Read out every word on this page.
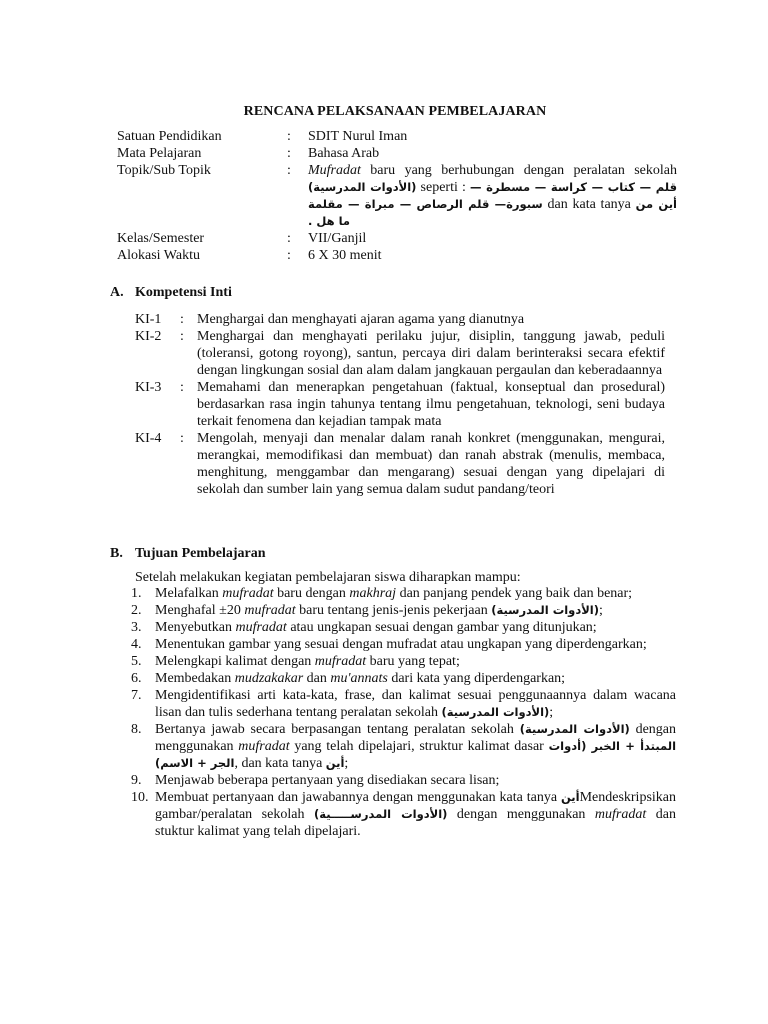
RENCANA PELAKSANAAN PEMBELAJARAN
Satuan Pendidikan	:	SDIT Nurul Iman
Mata Pelajaran	:	Bahasa Arab
Topik/Sub Topik	:	Mufradat baru yang berhubungan dengan peralatan sekolah (الأدوات المدرسية) seperti : قلم — كتاب — كراسة — مسطرة — سبورة— قلم الرصاص — مبراة — مقلمة dan kata tanya أين من ما هل .
Kelas/Semester	:	VII/Ganjil
Alokasi Waktu	:	6 X 30 menit
A. Kompetensi Inti
KI-1	: Menghargai dan menghayati ajaran agama yang dianutnya
KI-2	: Menghargai dan menghayati perilaku jujur, disiplin, tanggung jawab, peduli (toleransi, gotong royong), santun, percaya diri dalam berinteraksi secara efektif dengan lingkungan sosial dan alam dalam jangkauan pergaulan dan keberadaannya
KI-3	: Memahami dan menerapkan pengetahuan (faktual, konseptual dan prosedural) berdasarkan rasa ingin tahunya tentang ilmu pengetahuan, teknologi, seni budaya terkait fenomena dan kejadian tampak mata
KI-4	: Mengolah, menyaji dan menalar dalam ranah konkret (menggunakan, mengurai, merangkai, memodifikasi dan membuat) dan ranah abstrak (menulis, membaca, menghitung, menggambar dan mengarang) sesuai dengan yang dipelajari di sekolah dan sumber lain yang semua dalam sudut pandang/teori
B. Tujuan Pembelajaran
Setelah melakukan kegiatan pembelajaran siswa diharapkan mampu:
1. Melafalkan mufradat baru dengan makhraj dan panjang pendek yang baik dan benar;
2. Menghafal ±20 mufradat baru tentang jenis-jenis pekerjaan (الأدوات المدرسية);
3. Menyebutkan mufradat atau ungkapan sesuai dengan gambar yang ditunjukan;
4. Menentukan gambar yang sesuai dengan mufradat atau ungkapan yang diperdengarkan;
5. Melengkapi kalimat dengan mufradat baru yang tepat;
6. Membedakan mudzakakar dan mu'annats dari kata yang diperdengarkan;
7. Mengidentifikasi arti kata-kata, frase, dan kalimat sesuai penggunaannya dalam wacana lisan dan tulis sederhana tentang peralatan sekolah (الأدوات المدرسية);
8. Bertanya jawab secara berpasangan tentang peralatan sekolah (الأدوات المدرسية) dengan menggunakan mufradat yang telah dipelajari, struktur kalimat dasar المبتدأ + الخبر (أدوات الجر + الاسم), dan kata tanya أين;
9. Menjawab beberapa pertanyaan yang disediakan secara lisan;
10. Membuat pertanyaan dan jawabannya dengan menggunakan kata tanya أينMendeskripsikan gambar/peralatan sekolah (الأدوات المدرســـــية) dengan menggunakan mufradat dan stuktur kalimat yang telah dipelajari.
